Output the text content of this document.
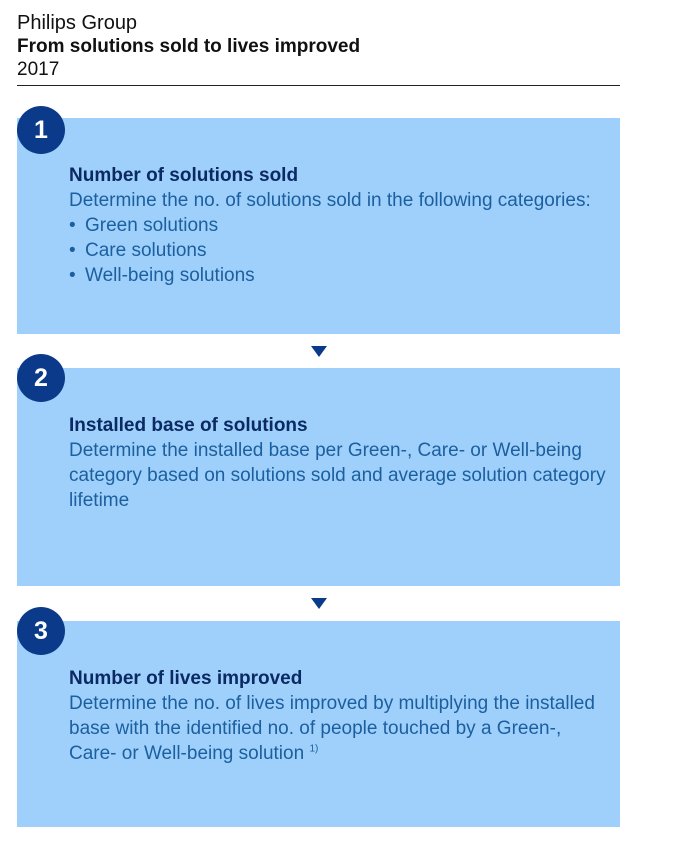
Philips Group
From solutions sold to lives improved
2017
Number of solutions sold
Determine the no. of solutions sold in the following categories:
• Green solutions
• Care solutions
• Well-being solutions
1
Installed base of solutions
Determine the installed base per Green-, Care- or Well-being category based on solutions sold and average solution category lifetime
2
Number of lives improved
Determine the no. of lives improved by multiplying the installed base with the identified no. of people touched by a Green-, Care- or Well-being solution $^{1)}$
3
